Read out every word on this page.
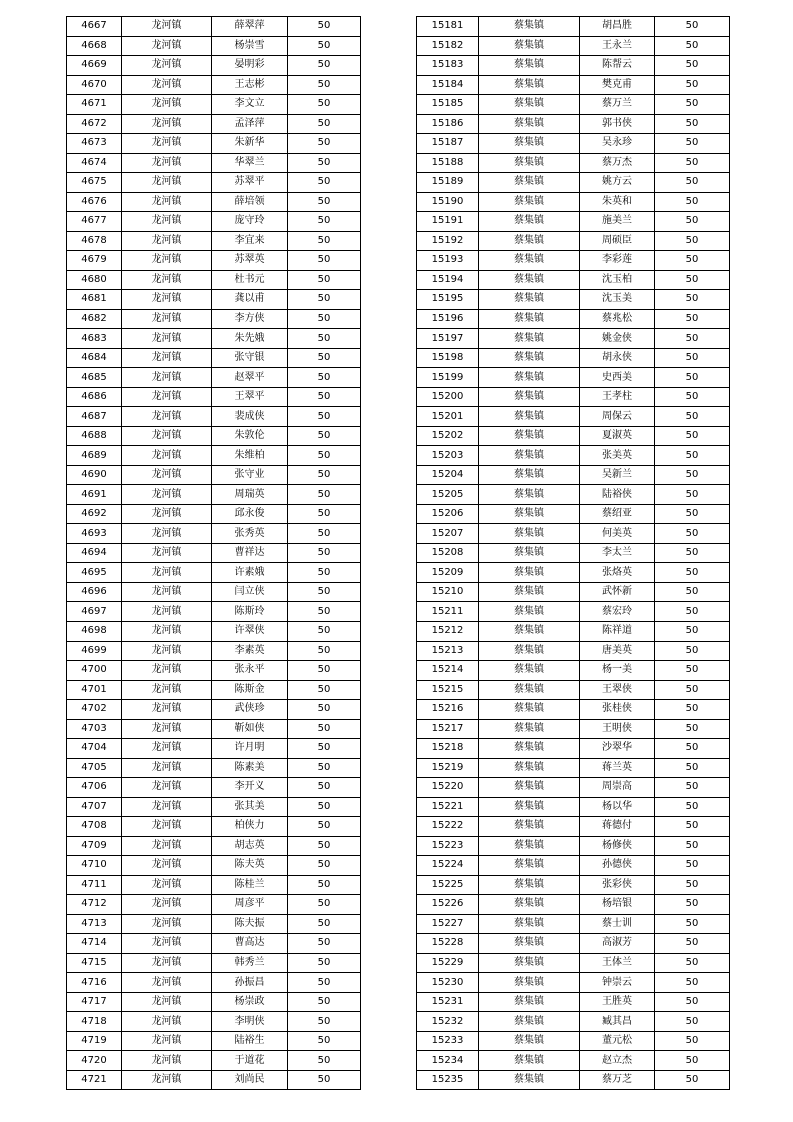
4667	龙河镇	薛翠萍	50
4668	龙河镇	杨崇雪	50
4669	龙河镇	晏明彩	50
4670	龙河镇	王志彬	50
4671	龙河镇	李文立	50
4672	龙河镇	孟泽萍	50
4673	龙河镇	朱新华	50
4674	龙河镇	华翠兰	50
4675	龙河镇	苏翠平	50
4676	龙河镇	薛培领	50
4677	龙河镇	庞守玲	50
4678	龙河镇	李宜来	50
4679	龙河镇	苏翠英	50
4680	龙河镇	杜书元	50
4681	龙河镇	龚以甫	50
4682	龙河镇	李方侠	50
4683	龙河镇	朱先娥	50
4684	龙河镇	张守银	50
4685	龙河镇	赵翠平	50
4686	龙河镇	王翠平	50
4687	龙河镇	裴成侠	50
4688	龙河镇	朱敦伦	50
4689	龙河镇	朱维柏	50
4690	龙河镇	张守业	50
4691	龙河镇	周瑞英	50
4692	龙河镇	邱永俊	50
4693	龙河镇	张秀英	50
4694	龙河镇	曹祥达	50
4695	龙河镇	许素娥	50
4696	龙河镇	闫立侠	50
4697	龙河镇	陈斯玲	50
4698	龙河镇	许翠侠	50
4699	龙河镇	李素英	50
4700	龙河镇	张永平	50
4701	龙河镇	陈斯金	50
4702	龙河镇	武侠珍	50
4703	龙河镇	靳如侠	50
4704	龙河镇	许月明	50
4705	龙河镇	陈素美	50
4706	龙河镇	李开义	50
4707	龙河镇	张其美	50
4708	龙河镇	柏侠力	50
4709	龙河镇	胡志英	50
4710	龙河镇	陈夫英	50
4711	龙河镇	陈桂兰	50
4712	龙河镇	周彦平	50
4713	龙河镇	陈夫振	50
4714	龙河镇	曹高达	50
4715	龙河镇	韩秀兰	50
4716	龙河镇	孙振昌	50
4717	龙河镇	杨崇政	50
4718	龙河镇	李明侠	50
4719	龙河镇	陆裕生	50
4720	龙河镇	于道花	50
4721	龙河镇	刘尚民	50
15181	蔡集镇	胡昌胜	50
15182	蔡集镇	王永兰	50
15183	蔡集镇	陈帮云	50
15184	蔡集镇	樊克甫	50
15185	蔡集镇	蔡万兰	50
15186	蔡集镇	郭书侠	50
15187	蔡集镇	吴永珍	50
15188	蔡集镇	蔡万杰	50
15189	蔡集镇	姚方云	50
15190	蔡集镇	朱英和	50
15191	蔡集镇	施美兰	50
15192	蔡集镇	周硕臣	50
15193	蔡集镇	李彩莲	50
15194	蔡集镇	沈玉柏	50
15195	蔡集镇	沈玉美	50
15196	蔡集镇	蔡兆松	50
15197	蔡集镇	姚金侠	50
15198	蔡集镇	胡永侠	50
15199	蔡集镇	史西美	50
15200	蔡集镇	王孝柱	50
15201	蔡集镇	周保云	50
15202	蔡集镇	夏淑英	50
15203	蔡集镇	张美英	50
15204	蔡集镇	吴新兰	50
15205	蔡集镇	陆裕侠	50
15206	蔡集镇	蔡绍亚	50
15207	蔡集镇	何美英	50
15208	蔡集镇	李太兰	50
15209	蔡集镇	张烙英	50
15210	蔡集镇	武怀新	50
15211	蔡集镇	蔡宏玲	50
15212	蔡集镇	陈祥道	50
15213	蔡集镇	唐美英	50
15214	蔡集镇	杨一美	50
15215	蔡集镇	王翠侠	50
15216	蔡集镇	张桂侠	50
15217	蔡集镇	王明侠	50
15218	蔡集镇	沙翠华	50
15219	蔡集镇	蒋兰英	50
15220	蔡集镇	周崇高	50
15221	蔡集镇	杨以华	50
15222	蔡集镇	蒋德付	50
15223	蔡集镇	杨修侠	50
15224	蔡集镇	孙德侠	50
15225	蔡集镇	张彩侠	50
15226	蔡集镇	杨培银	50
15227	蔡集镇	蔡士训	50
15228	蔡集镇	高淑芳	50
15229	蔡集镇	王体兰	50
15230	蔡集镇	钟崇云	50
15231	蔡集镇	王胜英	50
15232	蔡集镇	臧其昌	50
15233	蔡集镇	董元松	50
15234	蔡集镇	赵立杰	50
15235	蔡集镇	蔡万芝	50
